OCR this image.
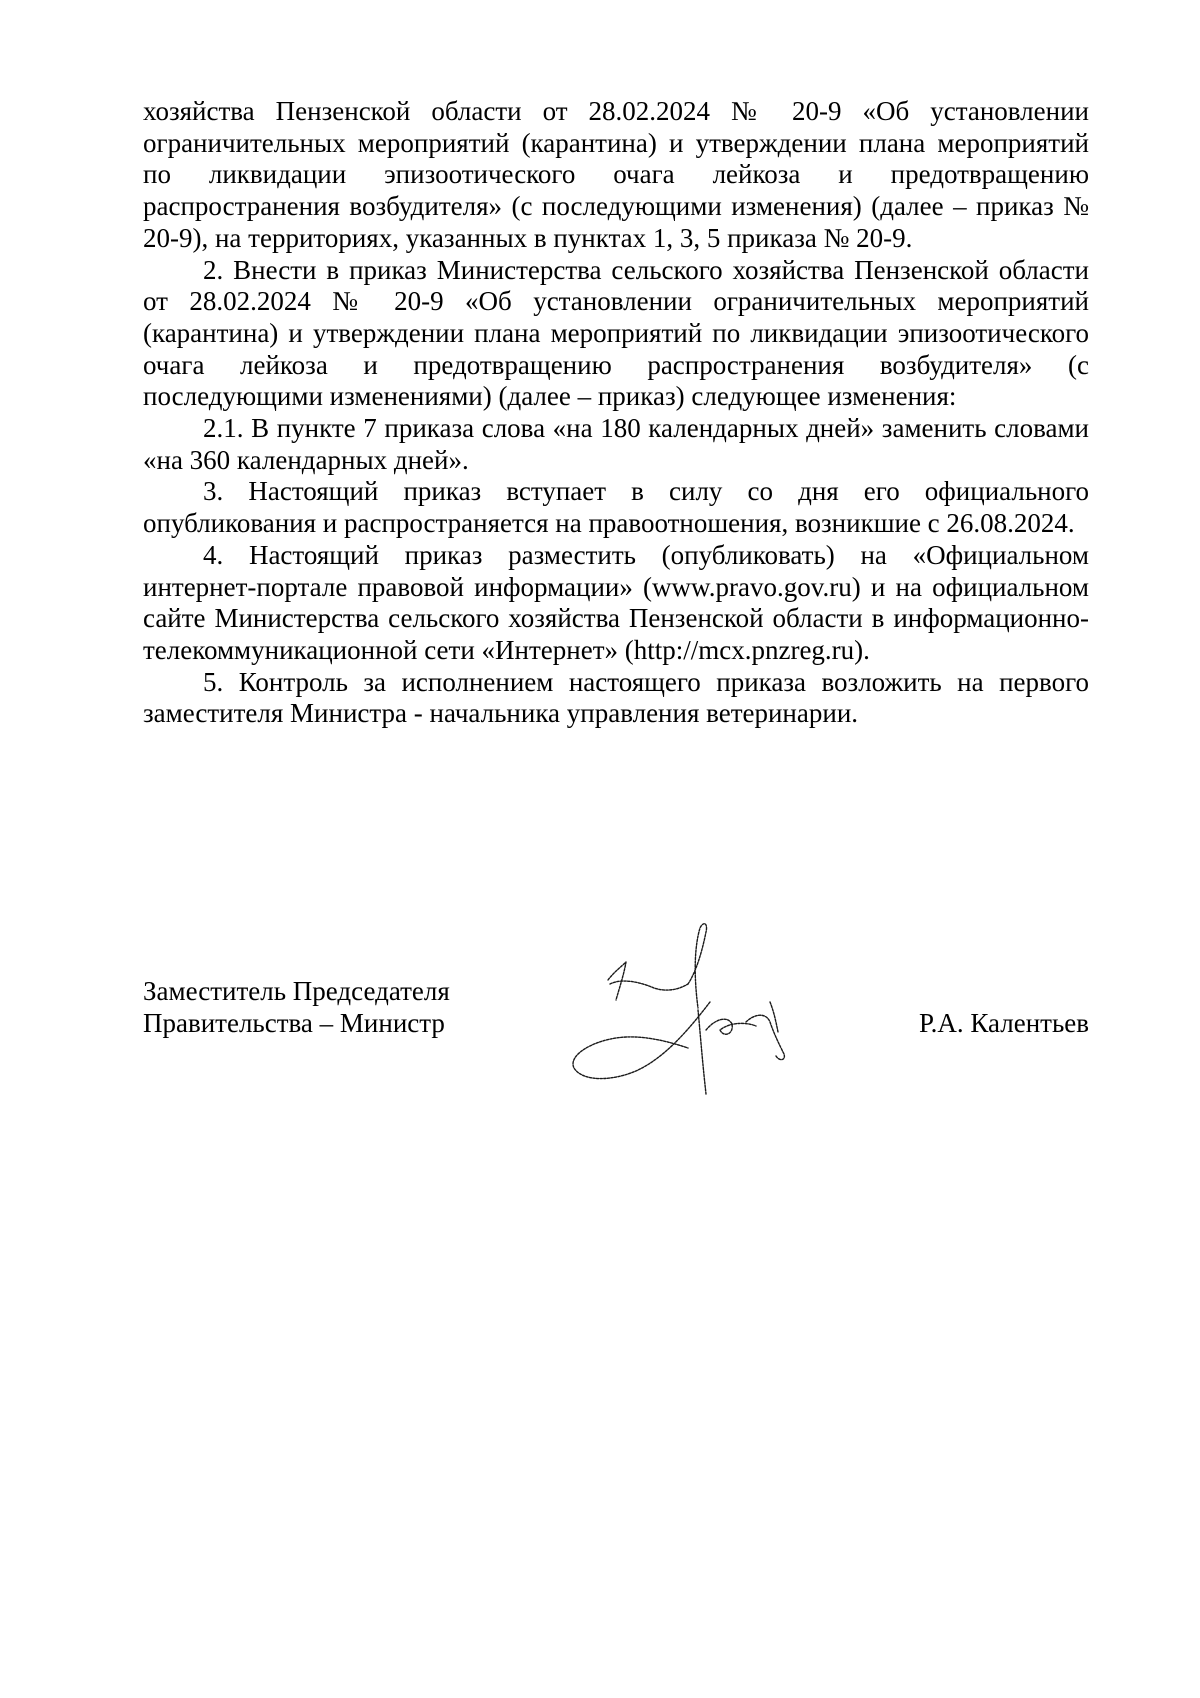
хозяйства Пензенской области от 28.02.2024 № 20-9 «Об установлении ограничительных мероприятий (карантина) и утверждении плана мероприятий по ликвидации эпизоотического очага лейкоза и предотвращению распространения возбудителя» (с последующими изменения) (далее – приказ № 20-9), на территориях, указанных в пунктах 1, 3, 5 приказа № 20-9.

2. Внести в приказ Министерства сельского хозяйства Пензенской области от 28.02.2024 № 20-9 «Об установлении ограничительных мероприятий (карантина) и утверждении плана мероприятий по ликвидации эпизоотического очага лейкоза и предотвращению распространения возбудителя» (с последующими изменениями) (далее – приказ) следующее изменения:

2.1. В пункте 7 приказа слова «на 180 календарных дней» заменить словами «на 360 календарных дней».

3. Настоящий приказ вступает в силу со дня его официального опубликования и распространяется на правоотношения, возникшие с 26.08.2024.

4. Настоящий приказ разместить (опубликовать) на «Официальном интернет-портале правовой информации» (www.pravo.gov.ru) и на официальном сайте Министерства сельского хозяйства Пензенской области в информационно-телекоммуникационной сети «Интернет» (http://mcx.pnzreg.ru).

5. Контроль за исполнением настоящего приказа возложить на первого заместителя Министра - начальника управления ветеринарии.

Заместитель Председателя
Правительства – Министр	Р.А. Калентьев
